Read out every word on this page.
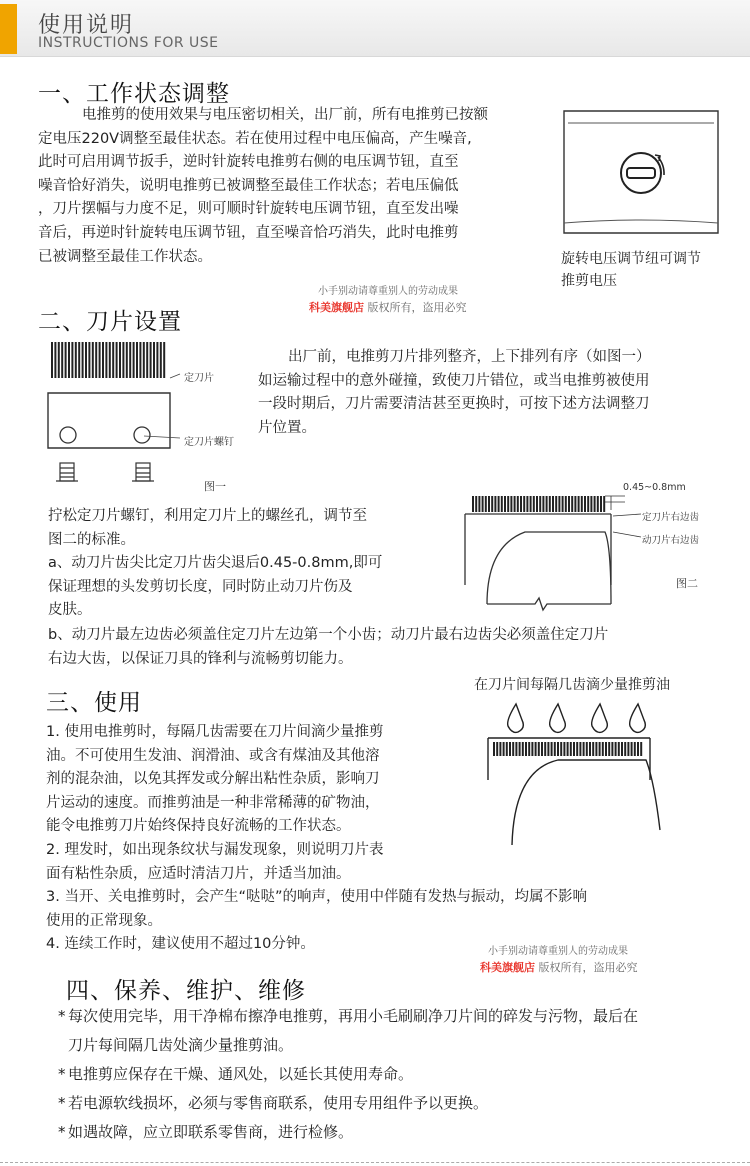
使用说明
INSTRUCTIONS FOR USE
一、工作状态调整
电推剪的使用效果与电压密切相关，出厂前，所有电推剪已按额
定电压220V调整至最佳状态。若在使用过程中电压偏高，产生噪音,
此时可启用调节扳手，逆时针旋转电推剪右侧的电压调节钮，直至
噪音恰好消失，说明电推剪已被调整至最佳工作状态；若电压偏低
，刀片摆幅与力度不足，则可顺时针旋转电压调节钮，直至发出噪
音后，再逆时针旋转电压调节钮，直至噪音恰巧消失，此时电推剪
已被调整至最佳工作状态。	旋转电压调节纽可调节
推剪电压
小手别动请尊重别人的劳动成果
科美旗舰店 版权所有，盗用必究
二、刀片设置
定刀片
定刀片螺钉
图一
出厂前，电推剪刀片排列整齐，上下排列有序（如图一）
如运输过程中的意外碰撞，致使刀片错位，或当电推剪被使用
一段时期后，刀片需要清洁甚至更换时，可按下述方法调整刀
片位置。
拧松定刀片螺钉，利用定刀片上的螺丝孔，调节至
图二的标准。
a、动刀片齿尖比定刀片齿尖退后0.45-0.8mm,即可
保证理想的头发剪切长度，同时防止动刀片伤及
皮肤。
0.45~0.8mm
定刀片右边齿
动刀片右边齿
图二
b、动刀片最左边齿必须盖住定刀片左边第一个小齿；动刀片最右边齿尖必须盖住定刀片
右边大齿，以保证刀具的锋利与流畅剪切能力。
三、使用
在刀片间每隔几齿滴少量推剪油
1. 使用电推剪时，每隔几齿需要在刀片间滴少量推剪
油。不可使用生发油、润滑油、或含有煤油及其他溶
剂的混杂油，以免其挥发或分解出粘性杂质，影响刀
片运动的速度。而推剪油是一种非常稀薄的矿物油，
能令电推剪刀片始终保持良好流畅的工作状态。
2. 理发时，如出现条纹状与漏发现象，则说明刀片表
面有粘性杂质，应适时清洁刀片，并适当加油。
3. 当开、关电推剪时，会产生“哒哒”的响声，使用中伴随有发热与振动，均属不影响
使用的正常现象。
4. 连续工作时，建议使用不超过10分钟。	小手别动请尊重别人的劳动成果
科美旗舰店 版权所有，盗用必究
四、保养、维护、维修
* 每次使用完毕，用干净棉布擦净电推剪，再用小毛刷刷净刀片间的碎发与污物，最后在
刀片每间隔几齿处滴少量推剪油。
* 电推剪应保存在干燥、通风处，以延长其使用寿命。
* 若电源软线损坏，必须与零售商联系，使用专用组件予以更换。
* 如遇故障，应立即联系零售商，进行检修。
